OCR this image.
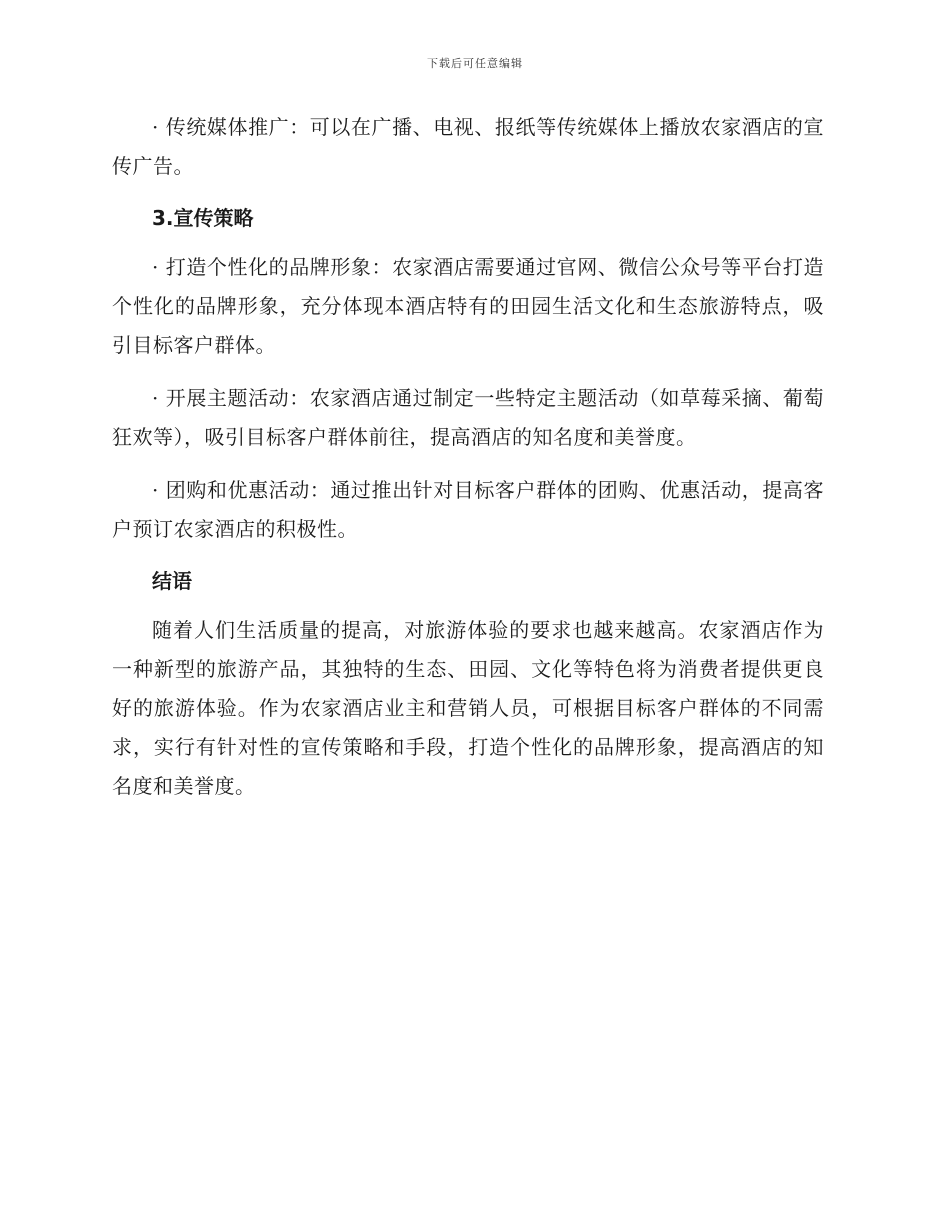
下载后可任意编辑

· 传统媒体推广：可以在广播、电视、报纸等传统媒体上播放农家酒店的宣传广告。

3.宣传策略

· 打造个性化的品牌形象：农家酒店需要通过官网、微信公众号等平台打造个性化的品牌形象，充分体现本酒店特有的田园生活文化和生态旅游特点，吸引目标客户群体。

· 开展主题活动：农家酒店通过制定一些特定主题活动（如草莓采摘、葡萄狂欢等），吸引目标客户群体前往，提高酒店的知名度和美誉度。

· 团购和优惠活动：通过推出针对目标客户群体的团购、优惠活动，提高客户预订农家酒店的积极性。

结语

随着人们生活质量的提高，对旅游体验的要求也越来越高。农家酒店作为一种新型的旅游产品，其独特的生态、田园、文化等特色将为消费者提供更良好的旅游体验。作为农家酒店业主和营销人员，可根据目标客户群体的不同需求，实行有针对性的宣传策略和手段，打造个性化的品牌形象，提高酒店的知名度和美誉度。
